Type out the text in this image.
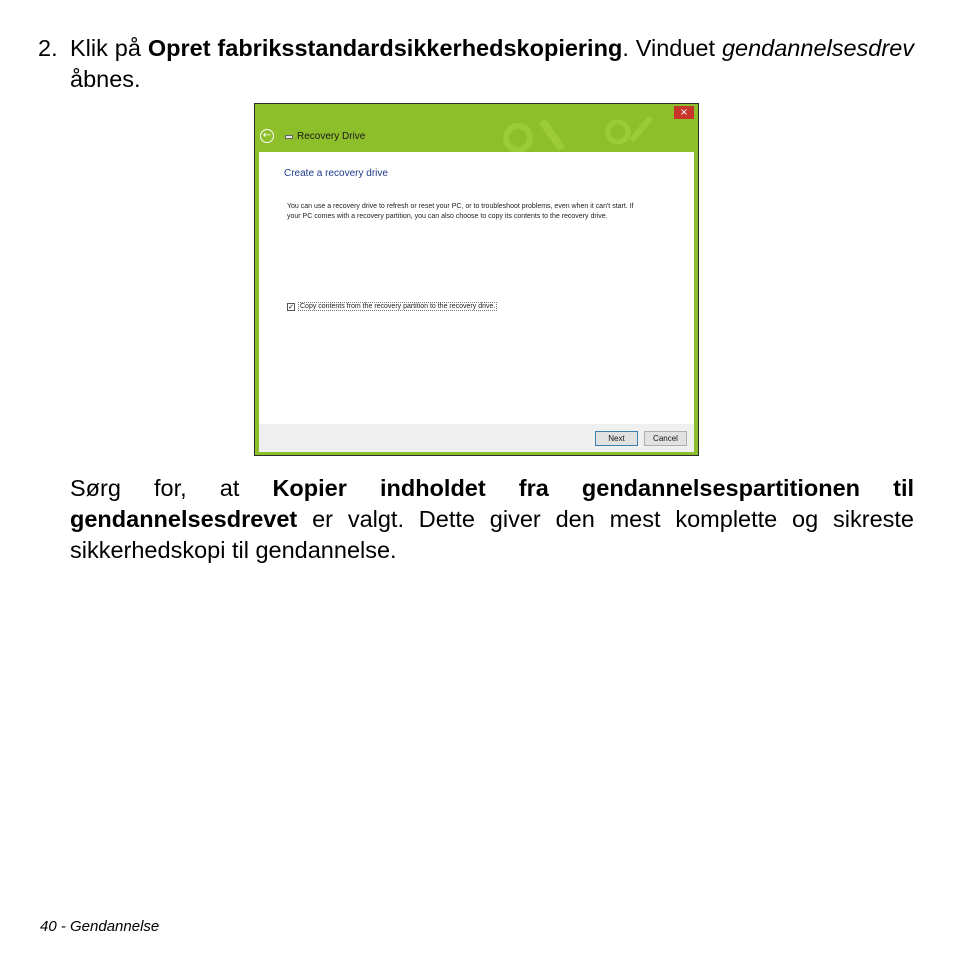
2. Klik på Opret fabriksstandardsikkerhedskopiering. Vinduet gendannelsesdrev åbnes.

×
←	Recovery Drive
Create a recovery drive
You can use a recovery drive to refresh or reset your PC, or to troubleshoot problems, even when it can't start. If your PC comes with a recovery partition, you can also choose to copy its contents to the recovery drive.
✓ Copy contents from the recovery partition to the recovery drive.
Next	Cancel

Sørg for, at Kopier indholdet fra gendannelsespartitionen til gendannelsesdrevet er valgt. Dette giver den mest komplette og sikreste sikkerhedskopi til gendannelse.

40 - Gendannelse
